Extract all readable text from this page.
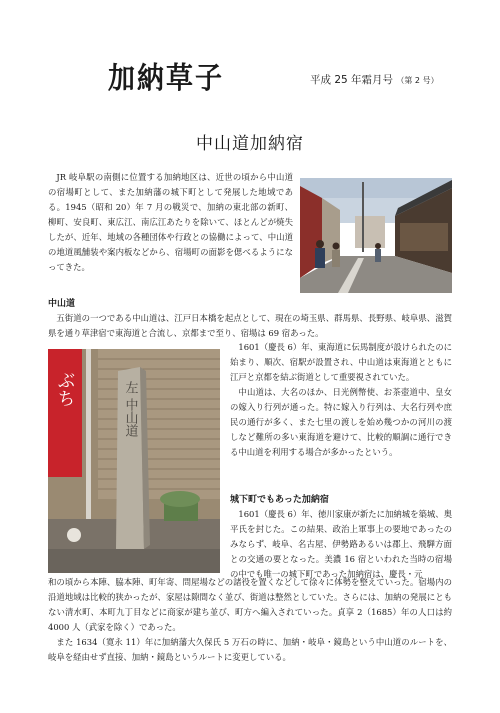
加納草子	平成 25 年霜月号 （第 2 号）
中山道加納宿

JR 岐阜駅の南側に位置する加納地区は、近世の頃から中山道の宿場町として、また加納藩の城下町として発展した地域である。1945（昭和 20）年 7 月の戦災で、加納の東北部の新町、柳町、安良町、東広江、南広江あたりを除いて、ほとんどが焼失したが、近年、地域の各種団体や行政との協働によって、中山道の地道風舗装や案内板などから、宿場町の面影を偲べるようになってきた。

中山道

五街道の一つである中山道は、江戸日本橋を起点として、現在の埼玉県、群馬県、長野県、岐阜県、滋賀県を通り草津宿で東海道と合流し、京都まで至り、宿場は 69 宿あった。

ぶち	左 中山道

1601（慶長 6）年、東海道に伝馬制度が設けられたのに始まり、順次、宿駅が設置され、中山道は東海道とともに江戸と京都を結ぶ街道として重要視されていた。

中山道は、大名のほか、日光例幣使、お茶壺道中、皇女の嫁入り行列が通った。特に嫁入り行列は、大名行列や庶民の通行が多く、また七里の渡しを始め幾つかの河川の渡しなど難所の多い東海道を避けて、比較的順調に通行できる中山道を利用する場合が多かったという。

城下町でもあった加納宿

1601（慶長 6）年、徳川家康が新たに加納城を築城、奥平氏を封じた。この結果、政治上軍事上の要地であったのみならず、岐阜、名古屋、伊勢路あるいは郡上、飛騨方面との交通の要となった。美濃 16 宿といわれた当時の宿場の中でも唯一の城下町であった加納宿は、慶長・元

和の頃から本陣、脇本陣、町年寄、問屋場などの諸役を置くなどして徐々に体勢を整えていった。宿場内の沿道地域は比較的狭かったが、家屋は隙間なく並び、街道は整然としていた。さらには、加納の発展にともない清水町、本町九丁目などに商家が建ち並び、町方へ編入されていった。貞享 2（1685）年の人口は約 4000 人（武家を除く）であった。

また 1634（寛永 11）年に加納藩大久保氏 5 万石の時に、加納・岐阜・鏡島という中山道のルートを、岐阜を経由せず直接、加納・鏡島というルートに変更している。
